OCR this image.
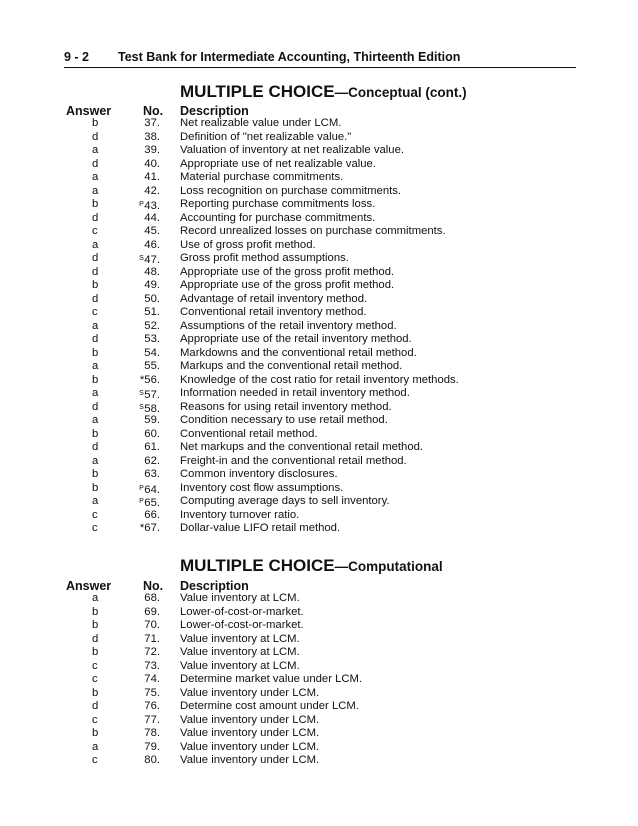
9 - 2 Test Bank for Intermediate Accounting, Thirteenth Edition
MULTIPLE CHOICE—Conceptual (cont.)
Answer	No. Description
b	37. Net realizable value under LCM.
d	38. Definition of "net realizable value."
a	39. Valuation of inventory at net realizable value.
d	40. Appropriate use of net realizable value.
a	41. Material purchase commitments.
a	42. Loss recognition on purchase commitments.
b	$^P$43. Reporting purchase commitments loss.
d	44. Accounting for purchase commitments.
c	45. Record unrealized losses on purchase commitments.
a	46. Use of gross profit method.
d	$^S$47. Gross profit method assumptions.
d	48. Appropriate use of the gross profit method.
b	49. Appropriate use of the gross profit method.
d	50. Advantage of retail inventory method.
c	51. Conventional retail inventory method.
a	52. Assumptions of the retail inventory method.
d	53. Appropriate use of the retail inventory method.
b	54. Markdowns and the conventional retail method.
a	55. Markups and the conventional retail method.
b	*56. Knowledge of the cost ratio for retail inventory methods.
a	$^S$57. Information needed in retail inventory method.
d	$^S$58. Reasons for using retail inventory method.
a	59. Condition necessary to use retail method.
b	60. Conventional retail method.
d	61. Net markups and the conventional retail method.
a	62. Freight-in and the conventional retail method.
b	63. Common inventory disclosures.
b	$^P$64. Inventory cost flow assumptions.
a	$^P$65. Computing average days to sell inventory.
c	66. Inventory turnover ratio.
c	*67. Dollar-value LIFO retail method.
MULTIPLE CHOICE—Computational
Answer	No. Description
a	68. Value inventory at LCM.
b	69. Lower-of-cost-or-market.
b	70. Lower-of-cost-or-market.
d	71. Value inventory at LCM.
b	72. Value inventory at LCM.
c	73. Value inventory at LCM.
c	74. Determine market value under LCM.
b	75. Value inventory under LCM.
d	76. Determine cost amount under LCM.
c	77. Value inventory under LCM.
b	78. Value inventory under LCM.
a	79. Value inventory under LCM.
c	80. Value inventory under LCM.
